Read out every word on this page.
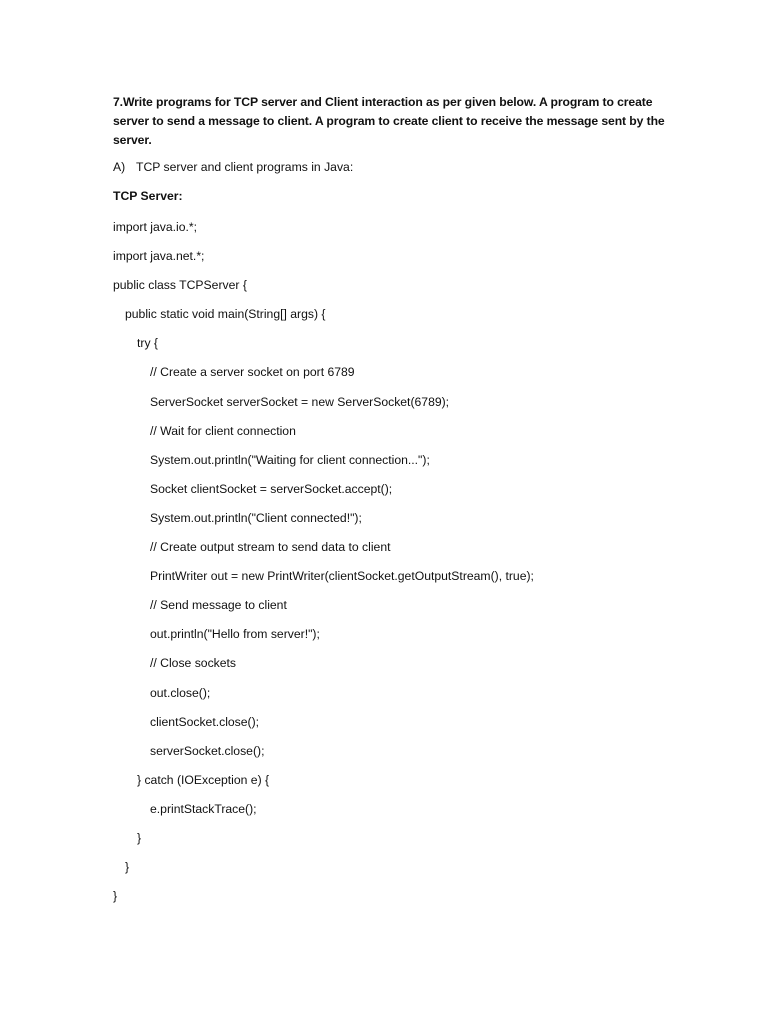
7.Write programs for TCP server and Client interaction as per given below. A program to create server to send a message to client. A program to create client to receive the message sent by the server.

A) TCP server and client programs in Java:
TCP Server:
import java.io.*;
import java.net.*;
public class TCPServer {
public static void main(String[] args) {
try {
// Create a server socket on port 6789
ServerSocket serverSocket = new ServerSocket(6789);
// Wait for client connection
System.out.println("Waiting for client connection...");
Socket clientSocket = serverSocket.accept();
System.out.println("Client connected!");
// Create output stream to send data to client
PrintWriter out = new PrintWriter(clientSocket.getOutputStream(), true);
// Send message to client
out.println("Hello from server!");
// Close sockets
out.close();
clientSocket.close();
serverSocket.close();
} catch (IOException e) {
e.printStackTrace();
}
}
}
